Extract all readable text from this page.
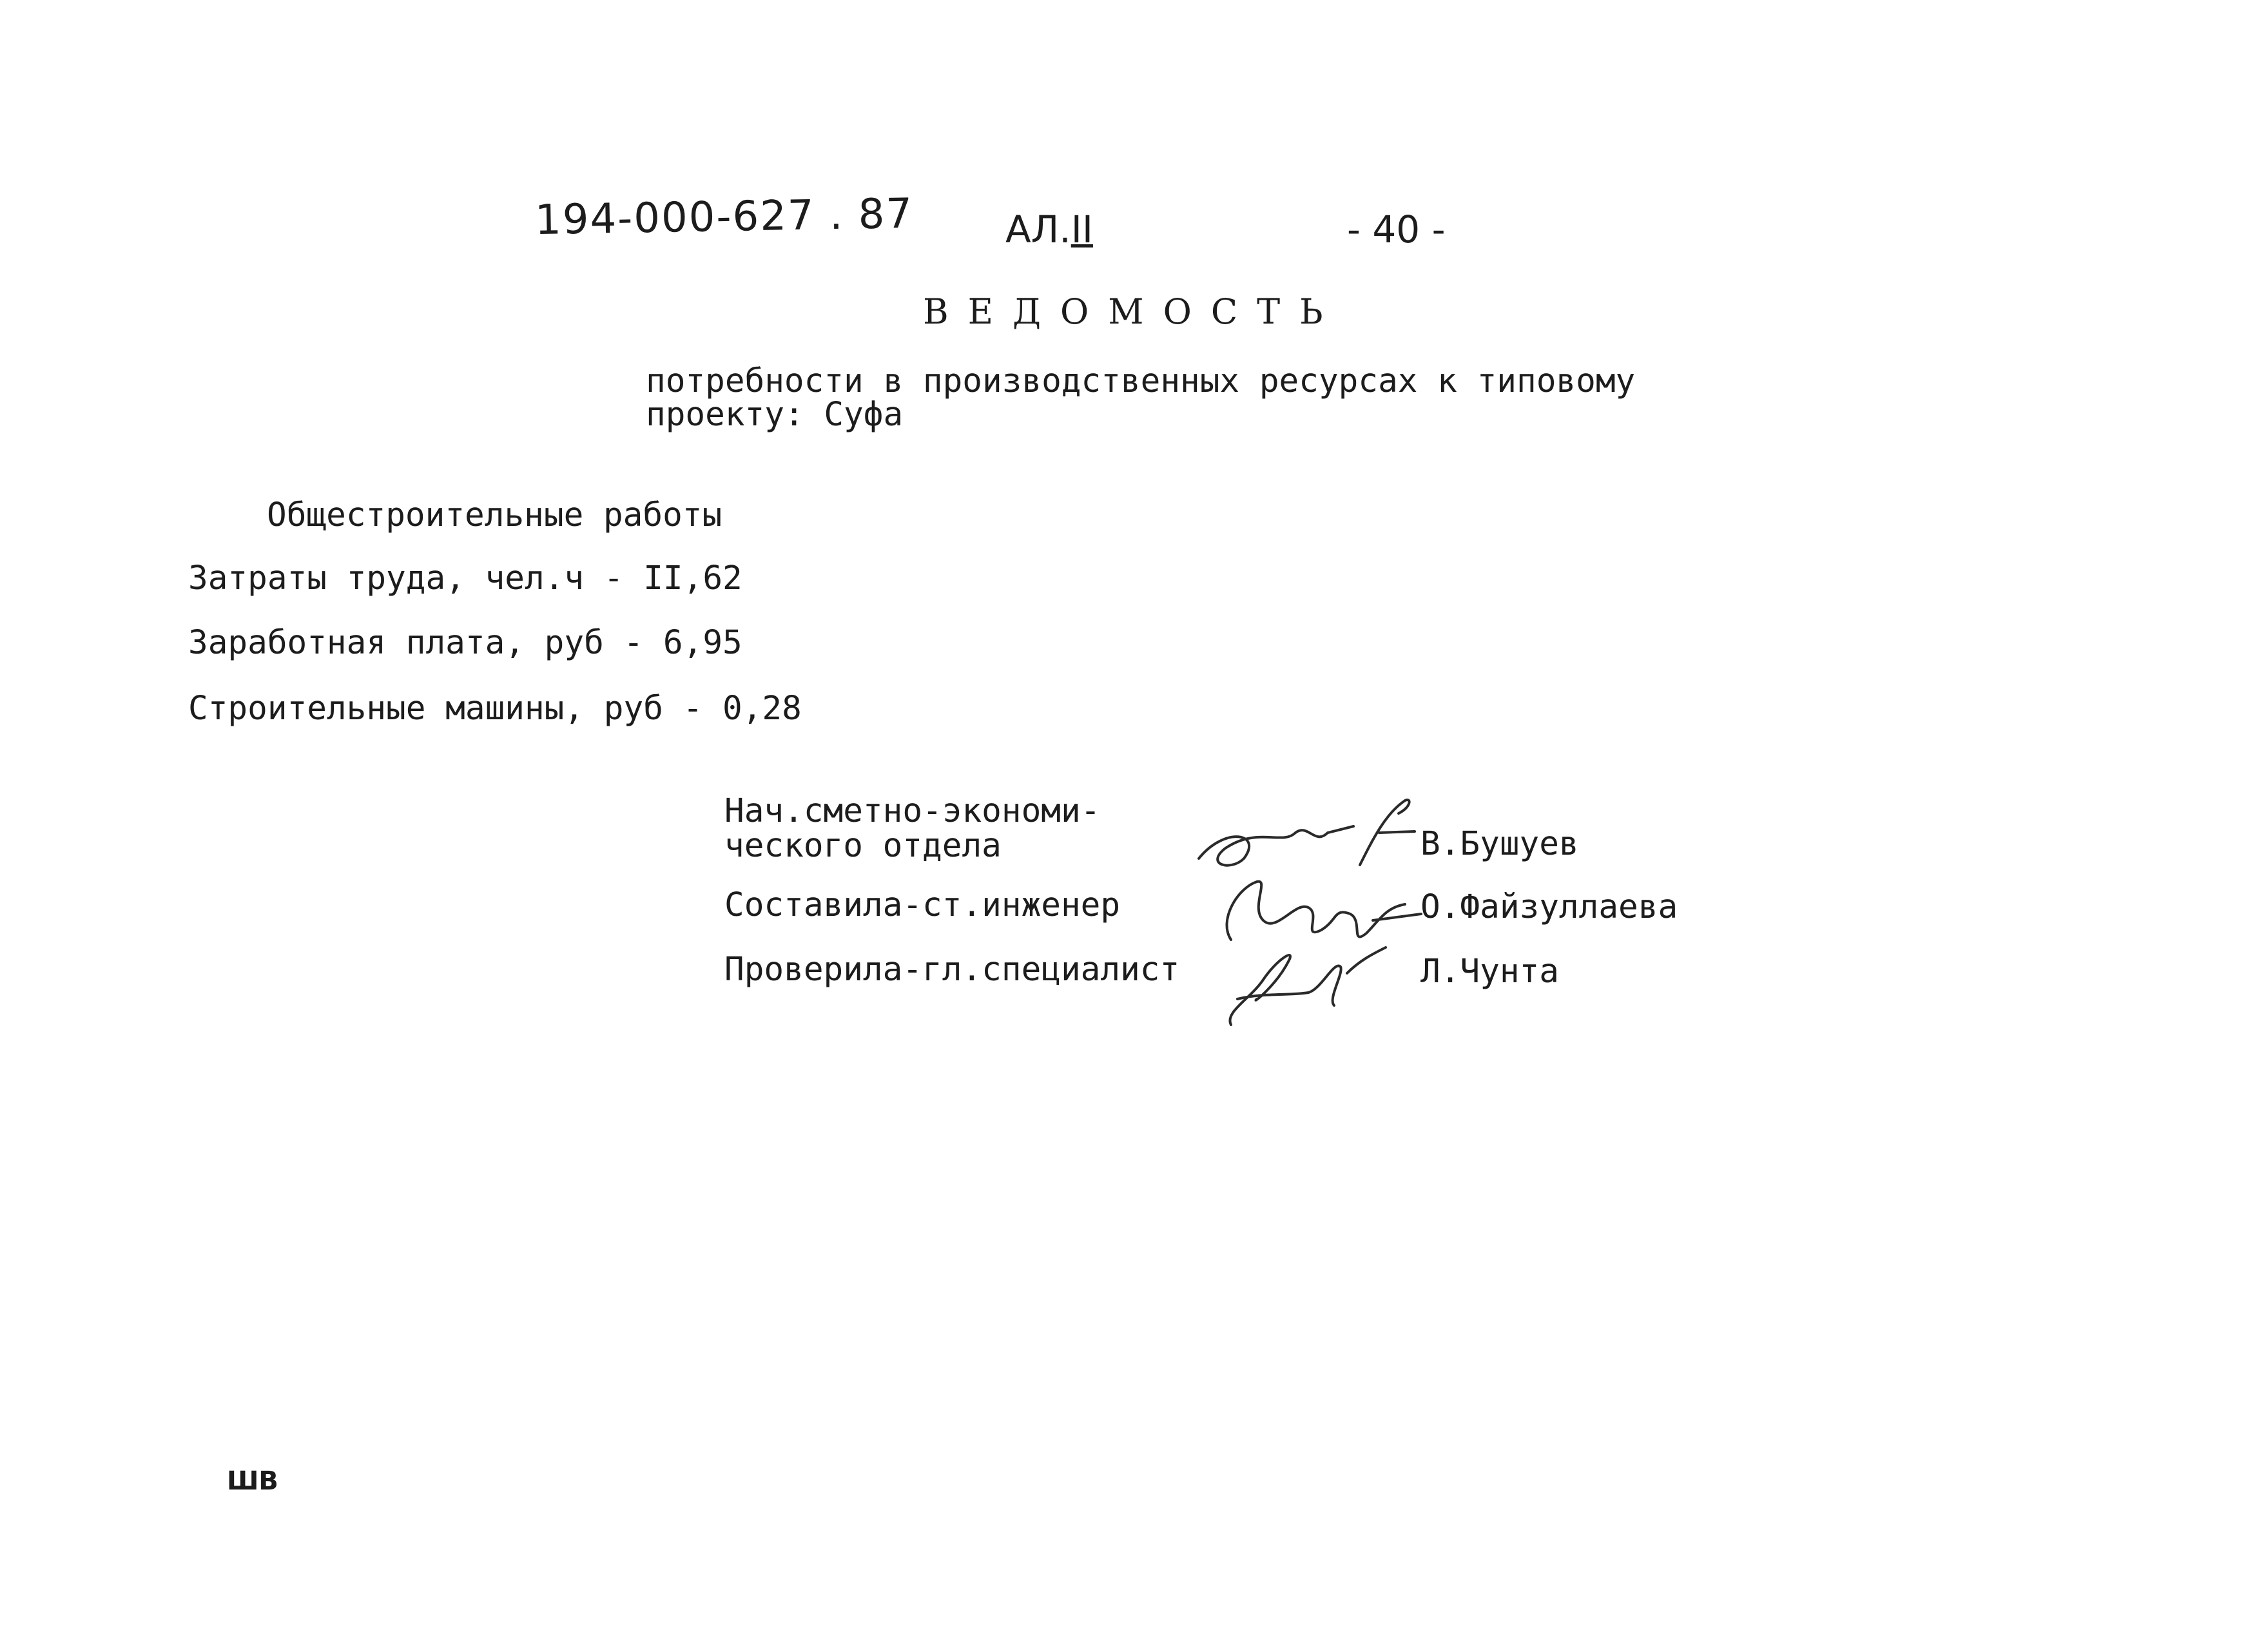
194-000-627 . 87 АЛ.II	- 40 -
ВЕДОМОСТЬ
потребности в производственных ресурсах к типовому
проекту: Суфа
Общестроительные работы
Затраты труда, чел.ч - II,62
Заработная плата, руб - 6,95
Строительные машины, руб - 0,28
Нач.сметно-экономи-
ческого отдела
Составила-ст.инженер
Проверила-гл.специалист
В.Бушуев
О.Файзуллаева
Л.Чунта
ШВ
